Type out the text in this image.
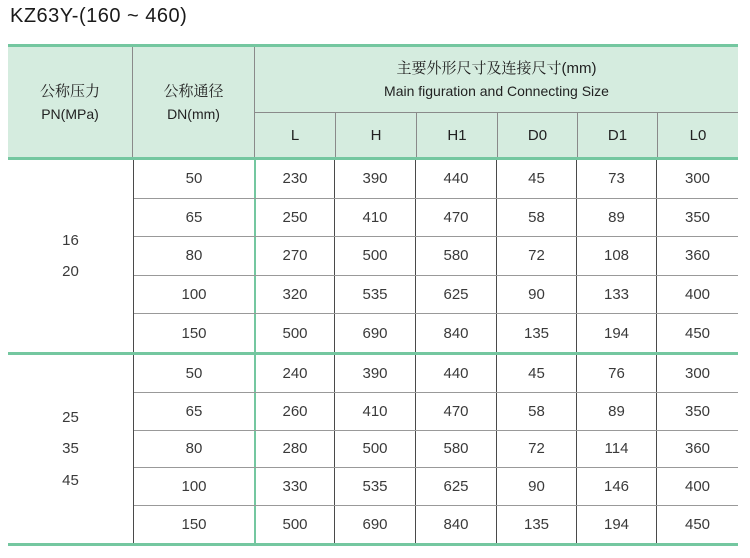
KZ63Y-(160 ~ 460)
公称压力
PN(MPa)
公称通径
DN(mm)
主要外形尺寸及连接尺寸(mm)
Main figuration and Connecting Size
L	H	H1	D0	D1	L0
16
20
50	230	390	440	45	73	300
65	250	410	470	58	89	350
80	270	500	580	72	108	360
100	320	535	625	90	133	400
150	500	690	840	135	194	450
25
35
45
50	240	390	440	45	76	300
65	260	410	470	58	89	350
80	280	500	580	72	114	360
100	330	535	625	90	146	400
150	500	690	840	135	194	450
